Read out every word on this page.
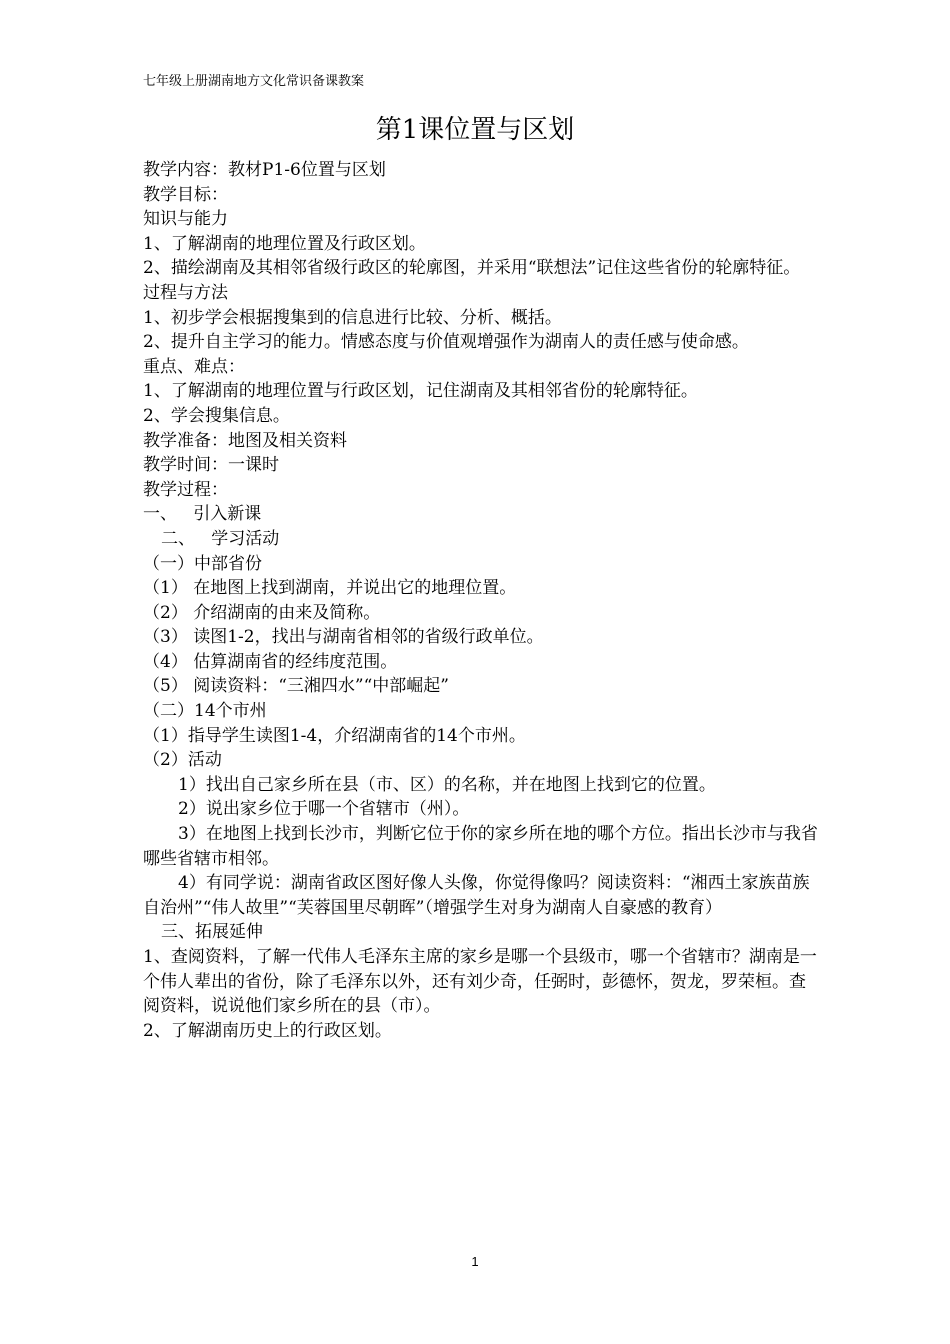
七年级上册湖南地方文化常识备课教案
第1课位置与区划
教学内容：教材P1-6位置与区划
教学目标：
知识与能力
1、了解湖南的地理位置及行政区划。
2、描绘湖南及其相邻省级行政区的轮廓图，并采用“联想法”记住这些省份的轮廓特征。
过程与方法
1、初步学会根据搜集到的信息进行比较、分析、概括。
2、提升自主学习的能力。情感态度与价值观增强作为湖南人的责任感与使命感。
重点、难点：
1、了解湖南的地理位置与行政区划，记住湖南及其相邻省份的轮廓特征。
2、学会搜集信息。
教学准备：地图及相关资料
教学时间：一课时
教学过程：
一、   引入新课
二、   学习活动
（一）中部省份
（1） 在地图上找到湖南，并说出它的地理位置。
（2） 介绍湖南的由来及简称。
（3） 读图1-2，找出与湖南省相邻的省级行政单位。
（4） 估算湖南省的经纬度范围。
（5） 阅读资料：“三湘四水”“中部崛起”
（二）14个市州
（1）指导学生读图1-4，介绍湖南省的14个市州。
（2）活动
1）找出自己家乡所在县（市、区）的名称，并在地图上找到它的位置。
2）说出家乡位于哪一个省辖市（州）。
3）在地图上找到长沙市，判断它位于你的家乡所在地的哪个方位。指出长沙市与我省哪些省辖市相邻。
4）有同学说：湖南省政区图好像人头像，你觉得像吗？阅读资料：“湘西土家族苗族自治州”“伟人故里”“芙蓉国里尽朝晖”（增强学生对身为湖南人自豪感的教育）
三、拓展延伸
1、查阅资料，了解一代伟人毛泽东主席的家乡是哪一个县级市，哪一个省辖市？湖南是一个伟人辈出的省份，除了毛泽东以外，还有刘少奇，任弼时，彭德怀，贺龙，罗荣桓。查阅资料，说说他们家乡所在的县（市）。
2、了解湖南历史上的行政区划。
1
